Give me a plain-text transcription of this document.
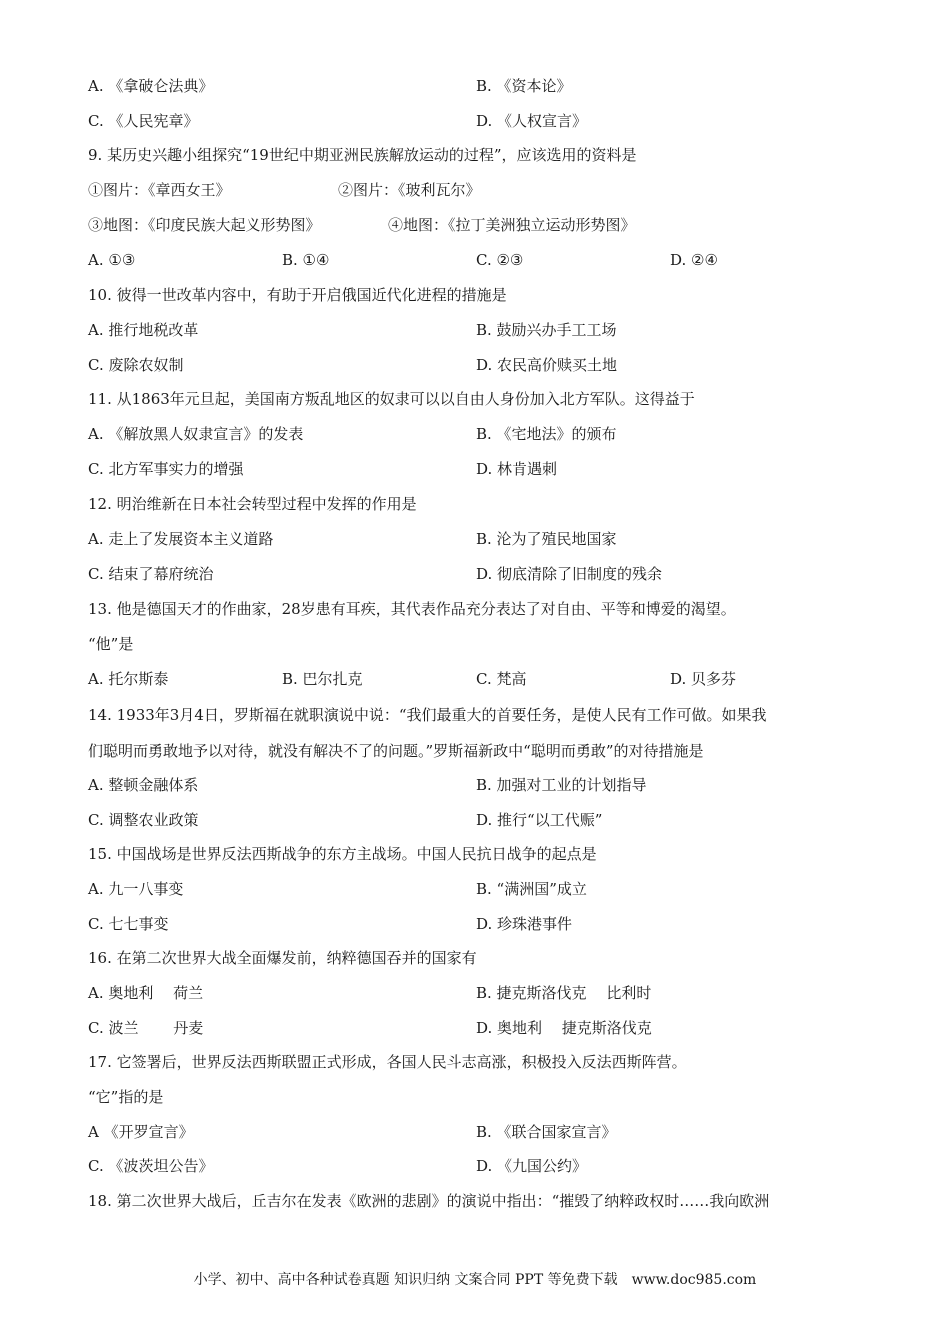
A. 《拿破仑法典》	B. 《资本论》
C. 《人民宪章》	D. 《人权宣言》
9. 某历史兴趣小组探究“19世纪中期亚洲民族解放运动的过程”，应该选用的资料是
①图片：《章西女王》	②图片：《玻利瓦尔》
③地图：《印度民族大起义形势图》	④地图：《拉丁美洲独立运动形势图》
A. ①③	B. ①④	C. ②③	D. ②④
10. 彼得一世改革内容中，有助于开启俄国近代化进程的措施是
A. 推行地税改革	B. 鼓励兴办手工工场
C. 废除农奴制	D. 农民高价赎买土地
11. 从1863年元旦起，美国南方叛乱地区的奴隶可以以自由人身份加入北方军队。这得益于
A. 《解放黑人奴隶宣言》的发表	B. 《宅地法》的颁布
C. 北方军事实力的增强	D. 林肯遇刺
12. 明治维新在日本社会转型过程中发挥的作用是
A. 走上了发展资本主义道路	B. 沦为了殖民地国家
C. 结束了幕府统治	D. 彻底清除了旧制度的残余
13. 他是德国天才的作曲家，28岁患有耳疾，其代表作品充分表达了对自由、平等和博爱的渴望。
“他”是
A. 托尔斯泰	B. 巴尔扎克	C. 梵高	D. 贝多芬
14. 1933年3月4日，罗斯福在就职演说中说：“我们最重大的首要任务，是使人民有工作可做。如果我
们聪明而勇敢地予以对待，就没有解决不了的问题。”罗斯福新政中“聪明而勇敢”的对待措施是
A. 整顿金融体系	B. 加强对工业的计划指导
C. 调整农业政策	D. 推行“以工代赈”
15. 中国战场是世界反法西斯战争的东方主战场。中国人民抗日战争的起点是
A. 九一八事变	B. “满洲国”成立
C. 七七事变	D. 珍珠港事件
16. 在第二次世界大战全面爆发前，纳粹德国吞并的国家有
A. 奥地利　 荷兰	B. 捷克斯洛伐克　 比利时
C. 波兰　　 丹麦	D. 奥地利　 捷克斯洛伐克
17. 它签署后，世界反法西斯联盟正式形成，各国人民斗志高涨，积极投入反法西斯阵营。
“它”指的是
A 《开罗宣言》	B. 《联合国家宣言》
C. 《波茨坦公告》	D. 《九国公约》
18. 第二次世界大战后，丘吉尔在发表《欧洲的悲剧》的演说中指出：“摧毁了纳粹政权时……我向欧洲
小学、初中、高中各种试卷真题 知识归纳 文案合同 PPT 等免费下载　www.doc985.com
